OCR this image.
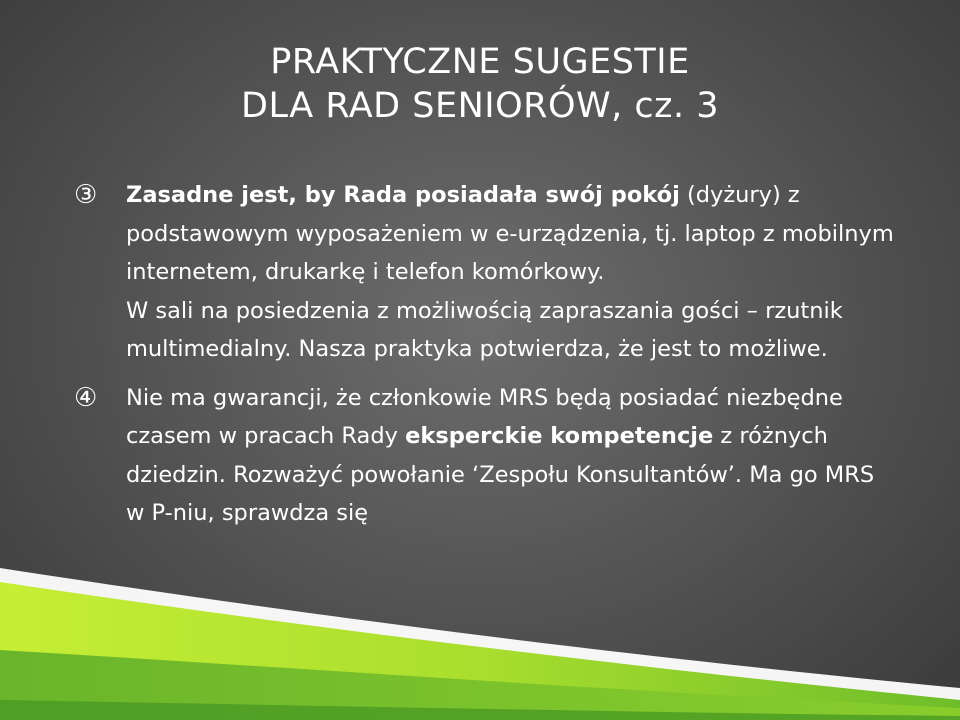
PRAKTYCZNE SUGESTIE
DLA RAD SENIORÓW, cz. 3
③	Zasadne jest, by Rada posiadała swój pokój (dyżury) z podstawowym wyposażeniem w e-urządzenia, tj. laptop z mobilnym internetem, drukarkę i telefon komórkowy.
W sali na posiedzenia z możliwością zapraszania gości – rzutnik multimedialny. Nasza praktyka potwierdza, że jest to możliwe.
④	Nie ma gwarancji, że członkowie MRS będą posiadać niezbędne czasem w pracach Rady eksperckie kompetencje z różnych dziedzin. Rozważyć powołanie ‘Zespołu Konsultantów’. Ma go MRS w P-niu, sprawdza się
